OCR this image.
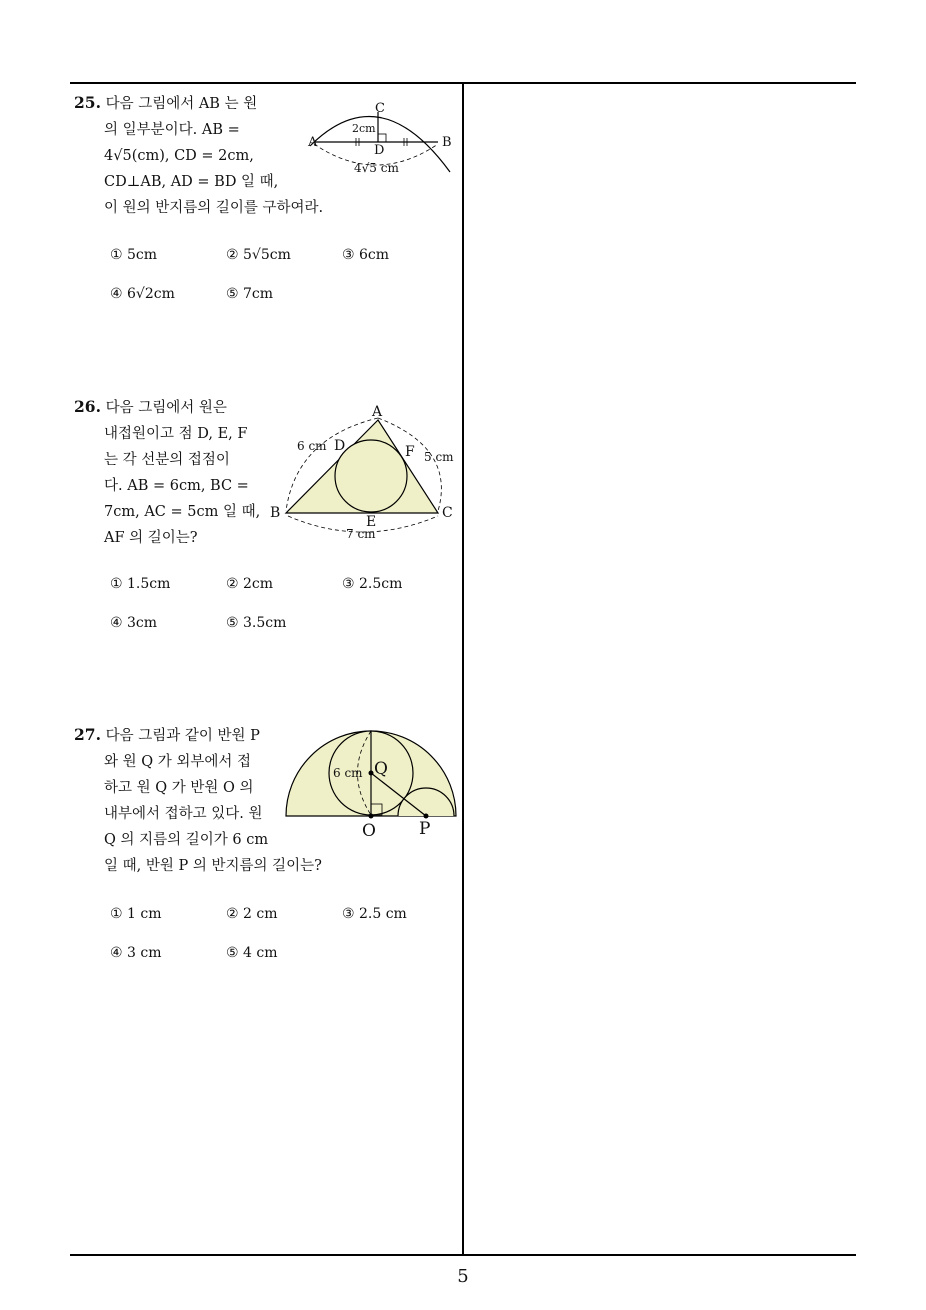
25. 다음 그림에서 AB 는 원
의 일부분이다. AB =
4√5(cm), CD = 2cm,
CD⊥AB, AD = BD 일 때,
이 원의 반지름의 길이를 구하여라.
C
2cm
A	B
D
4√5 cm
① 5cm	② 5√5cm	③ 6cm
④ 6√2cm	⑤ 7cm
26. 다음 그림에서 원은
내접원이고 점 D, E, F
는 각 선분의 접점이
다. AB = 6cm, BC =
7cm, AC = 5cm 일 때,
AF 의 길이는?
A
B	C
D
E
F
6 cm
5 cm
7 cm
① 1.5cm	② 2cm	③ 2.5cm
④ 3cm	⑤ 3.5cm
27. 다음 그림과 같이 반원 P
와 원 Q 가 외부에서 접
하고 원 Q 가 반원 O 의
내부에서 접하고 있다. 원
Q 의 지름의 길이가 6 cm
일 때, 반원 P 의 반지름의 길이는?
6 cm Q
O	P
① 1 cm	② 2 cm	③ 2.5 cm
④ 3 cm	⑤ 4 cm
5
